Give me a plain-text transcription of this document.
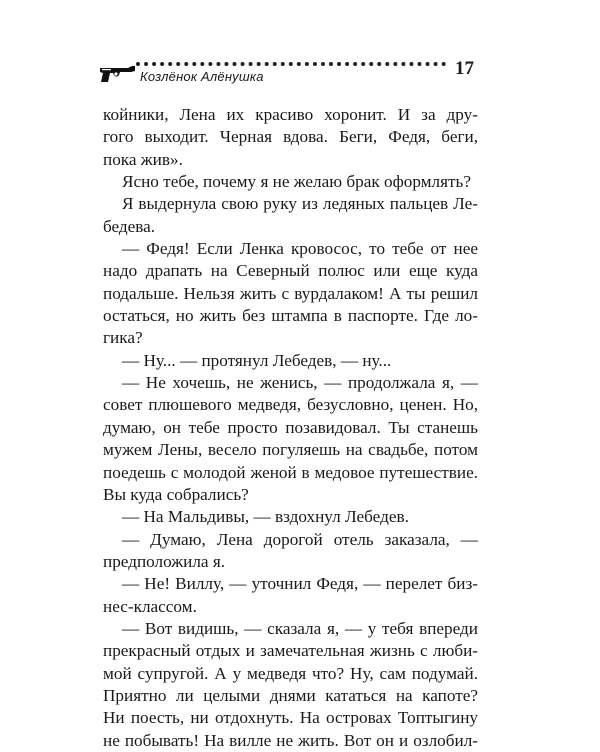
Козлёнок Алёнушка	17
койники, Лена их красиво хоронит. И за дру-
гого выходит. Черная вдова. Беги, Федя, беги,
пока жив».
Ясно тебе, почему я не желаю брак оформлять?
Я выдернула свою руку из ледяных пальцев Ле-
бедева.
— Федя! Если Ленка кровосос, то тебе от нее
надо драпать на Северный полюс или еще куда
подальше. Нельзя жить с вурдалаком! А ты решил
остаться, но жить без штампа в паспорте. Где ло-
гика?
— Ну... — протянул Лебедев, — ну...
— Не хочешь, не женись, — продолжала я, —
совет плюшевого медведя, безусловно, ценен. Но,
думаю, он тебе просто позавидовал. Ты станешь
мужем Лены, весело погуляешь на свадьбе, потом
поедешь с молодой женой в медовое путешествие.
Вы куда собрались?
— На Мальдивы, — вздохнул Лебедев.
— Думаю, Лена дорогой отель заказала, —
предположила я.
— Не! Виллу, — уточнил Федя, — перелет биз-
нес-классом.
— Вот видишь, — сказала я, — у тебя впереди
прекрасный отдых и замечательная жизнь с люби-
мой супругой. А у медведя что? Ну, сам подумай.
Приятно ли целыми днями кататься на капоте?
Ни поесть, ни отдохнуть. На островах Топтыгину
не побывать! На вилле не жить. Вот он и озлобил-
